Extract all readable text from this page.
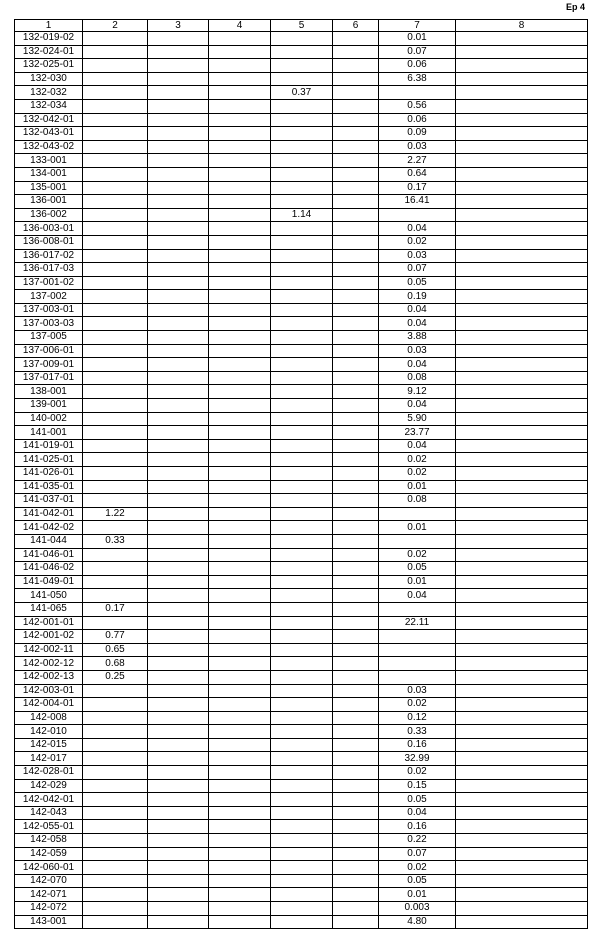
Ep 4
1	2	3	4	5	6	7	8
132-019-02						0.01	
132-024-01						0.07	
132-025-01						0.06	
132-030						6.38	
132-032				0.37			
132-034						0.56	
132-042-01						0.06	
132-043-01						0.09	
132-043-02						0.03	
133-001						2.27	
134-001						0.64	
135-001						0.17	
136-001						16.41	
136-002				1.14			
136-003-01						0.04	
136-008-01						0.02	
136-017-02						0.03	
136-017-03						0.07	
137-001-02						0.05	
137-002						0.19	
137-003-01						0.04	
137-003-03						0.04	
137-005						3.88	
137-006-01						0.03	
137-009-01						0.04	
137-017-01						0.08	
138-001						9.12	
139-001						0.04	
140-002						5.90	
141-001						23.77	
141-019-01						0.04	
141-025-01						0.02	
141-026-01						0.02	
141-035-01						0.01	
141-037-01						0.08	
141-042-01	1.22						
141-042-02						0.01	
141-044	0.33						
141-046-01						0.02	
141-046-02						0.05	
141-049-01						0.01	
141-050						0.04	
141-065	0.17						
142-001-01						22.11	
142-001-02	0.77						
142-002-11	0.65						
142-002-12	0.68						
142-002-13	0.25						
142-003-01						0.03	
142-004-01						0.02	
142-008						0.12	
142-010						0.33	
142-015						0.16	
142-017						32.99	
142-028-01						0.02	
142-029						0.15	
142-042-01						0.05	
142-043						0.04	
142-055-01						0.16	
142-058						0.22	
142-059						0.07	
142-060-01						0.02	
142-070						0.05	
142-071						0.01	
142-072						0.003	
143-001						4.80	
